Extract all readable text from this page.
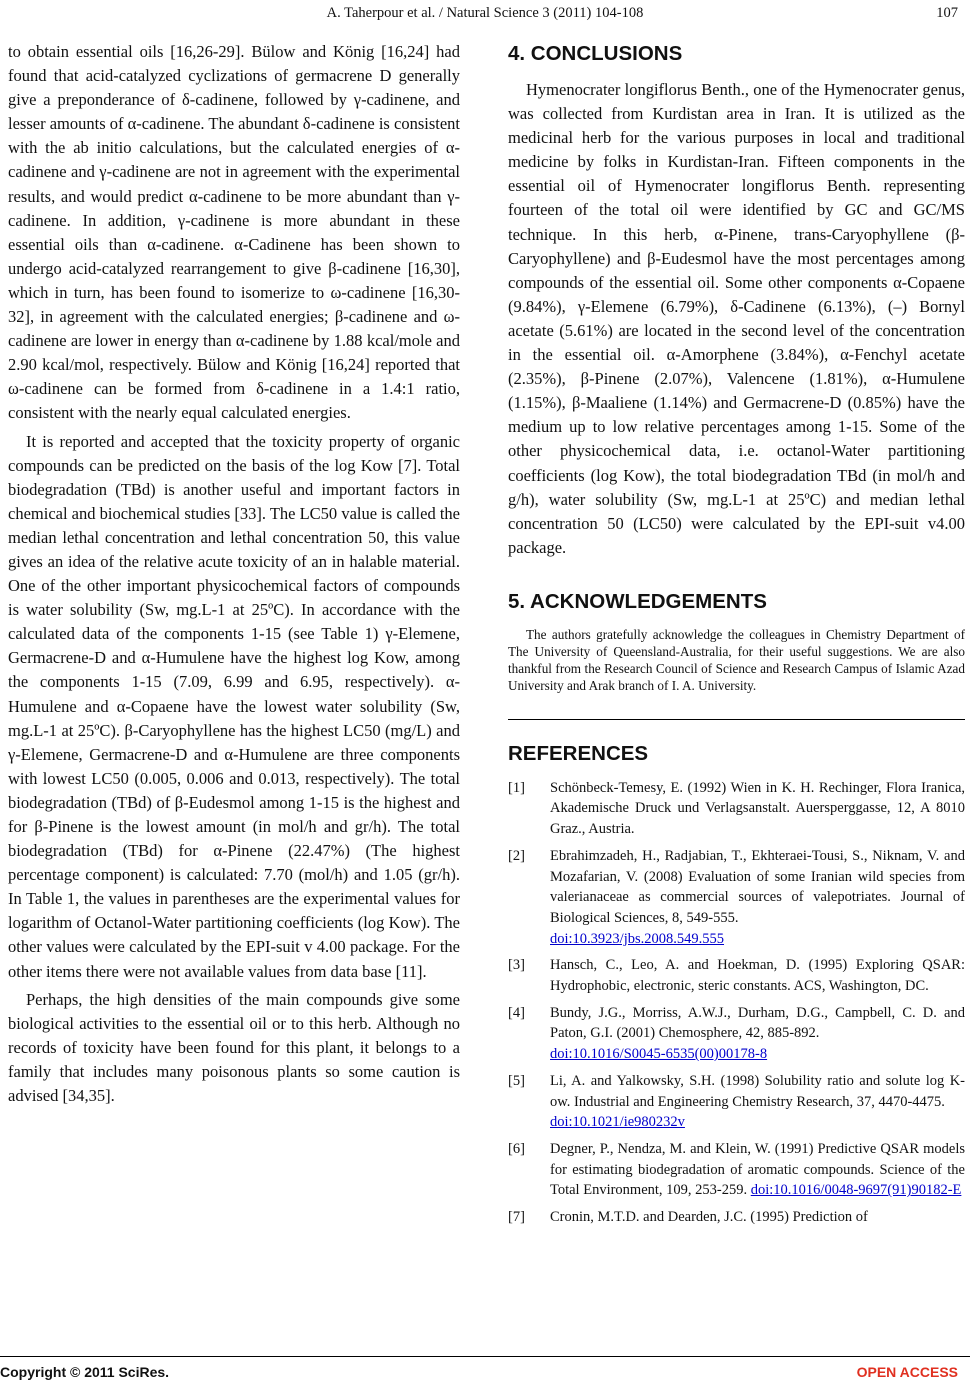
A. Taherpour et al. / Natural Science 3 (2011) 104-108	107

to obtain essential oils [16,26-29]. Bülow and König [16,24] had found that acid-catalyzed cyclizations of germacrene D generally give a preponderance of δ-cadinene, followed by γ-cadinene, and lesser amounts of α-cadinene. The abundant δ-cadinene is consistent with the ab initio calculations, but the calculated energies of α-cadinene and γ-cadinene are not in agreement with the experimental results, and would predict α-cadinene to be more abundant than γ-cadinene. In addition, γ-cadinene is more abundant in these essential oils than α-cadinene. α-Cadinene has been shown to undergo acid-catalyzed rearrangement to give β-cadinene [16,30], which in turn, has been found to isomerize to ω-cadinene [16,30-32], in agreement with the calculated energies; β-cadinene and ω-cadinene are lower in energy than α-cadinene by 1.88 kcal/mole and 2.90 kcal/mol, respectively. Bülow and König [16,24] reported that ω-cadinene can be formed from δ-cadinene in a 1.4:1 ratio, consistent with the nearly equal calculated energies.

It is reported and accepted that the toxicity property of organic compounds can be predicted on the basis of the log Kow [7]. Total biodegradation (TBd) is another useful and important factors in chemical and biochemical studies [33]. The LC50 value is called the median lethal concentration and lethal concentration 50, this value gives an idea of the relative acute toxicity of an in halable material. One of the other important physicochemical factors of compounds is water solubility (Sw, mg.L-1 at 25ºC). In accordance with the calculated data of the components 1-15 (see Table 1) γ-Elemene, Germacrene-D and α-Humulene have the highest log Kow, among the components 1-15 (7.09, 6.99 and 6.95, respectively). α-Humulene and α-Copaene have the lowest water solubility (Sw, mg.L-1 at 25ºC). β-Caryophyllene has the highest LC50 (mg/L) and γ-Elemene, Germacrene-D and α-Humulene are three components with lowest LC50 (0.005, 0.006 and 0.013, respectively). The total biodegradation (TBd) of β-Eudesmol among 1-15 is the highest and for β-Pinene is the lowest amount (in mol/h and gr/h). The total biodegradation (TBd) for α-Pinene (22.47%) (The highest percentage component) is calculated: 7.70 (mol/h) and 1.05 (gr/h). In Table 1, the values in parentheses are the experimental values for logarithm of Octanol-Water partitioning coefficients (log Kow). The other values were calculated by the EPI-suit v 4.00 package. For the other items there were not available values from data base [11].

Perhaps, the high densities of the main compounds give some biological activities to the essential oil or to this herb. Although no records of toxicity have been found for this plant, it belongs to a family that includes many poisonous plants so some caution is advised [34,35].

4. CONCLUSIONS

Hymenocrater longiflorus Benth., one of the Hymenocrater genus, was collected from Kurdistan area in Iran. It is utilized as the medicinal herb for the various purposes in local and traditional medicine by folks in Kurdistan-Iran. Fifteen components in the essential oil of Hymenocrater longiflorus Benth. representing fourteen of the total oil were identified by GC and GC/MS technique. In this herb, α-Pinene, trans-Caryophyllene (β-Caryophyllene) and β-Eudesmol have the most percentages among compounds of the essential oil. Some other components α-Copaene (9.84%), γ-Elemene (6.79%), δ-Cadinene (6.13%), (–) Bornyl acetate (5.61%) are located in the second level of the concentration in the essential oil. α-Amorphene (3.84%), α-Fenchyl acetate (2.35%), β-Pinene (2.07%), Valencene (1.81%), α-Humulene (1.15%), β-Maaliene (1.14%) and Germacrene-D (0.85%) have the medium up to low relative percentages among 1-15. Some of the other physicochemical data, i.e. octanol-Water partitioning coefficients (log Kow), the total biodegradation TBd (in mol/h and g/h), water solubility (Sw, mg.L-1 at 25ºC) and median lethal concentration 50 (LC50) were calculated by the EPI-suit v4.00 package.

5. ACKNOWLEDGEMENTS

The authors gratefully acknowledge the colleagues in Chemistry Department of The University of Queensland-Australia, for their useful suggestions. We are also thankful from the Research Council of Science and Research Campus of Islamic Azad University and Arak branch of I. A. University.

REFERENCES
[1]	Schönbeck-Temesy, E. (1992) Wien in K. H. Rechinger, Flora Iranica, Akademische Druck und Verlagsanstalt. Auersperggasse, 12, A 8010 Graz., Austria.
[2]	Ebrahimzadeh, H., Radjabian, T., Ekhteraei-Tousi, S., Niknam, V. and Mozafarian, V. (2008) Evaluation of some Iranian wild species from valerianaceae as commercial sources of valepotriates. Journal of Biological Sciences, 8, 549-555.
doi:10.3923/jbs.2008.549.555
[3]	Hansch, C., Leo, A. and Hoekman, D. (1995) Exploring QSAR: Hydrophobic, electronic, steric constants. ACS, Washington, DC.
[4]	Bundy, J.G., Morriss, A.W.J., Durham, D.G., Campbell, C. D. and Paton, G.I. (2001) Chemosphere, 42, 885-892.
doi:10.1016/S0045-6535(00)00178-8
[5]	Li, A. and Yalkowsky, S.H. (1998) Solubility ratio and solute log K-ow. Industrial and Engineering Chemistry Research, 37, 4470-4475.
doi:10.1021/ie980232v
[6]	Degner, P., Nendza, M. and Klein, W. (1991) Predictive QSAR models for estimating biodegradation of aromatic compounds. Science of the Total Environment, 109, 253-259. doi:10.1016/0048-9697(91)90182-E
[7]	Cronin, M.T.D. and Dearden, J.C. (1995) Prediction of
Copyright © 2011 SciRes.	OPEN ACCESS
